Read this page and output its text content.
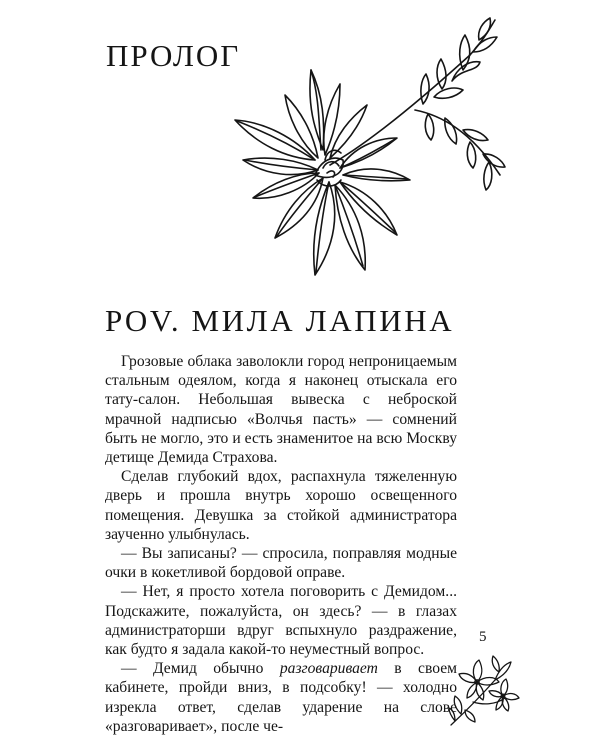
ПРОЛОГ
POV. МИЛА ЛАПИНА

Грозовые облака заволокли город непроницаемым стальным одеялом, когда я наконец отыскала его тату-салон. Небольшая вывеска с неброской мрачной надписью «Волчья пасть» — сомнений быть не могло, это и есть знаменитое на всю Москву детище Демида Страхова.

Сделав глубокий вдох, распахнула тяжеленную дверь и прошла внутрь хорошо освещенного помещения. Девушка за стойкой администратора заученно улыбнулась.

— Вы записаны? — спросила, поправляя модные очки в кокетливой бордовой оправе.

— Нет, я просто хотела поговорить с Демидом... Подскажите, пожалуйста, он здесь? — в глазах администраторши вдруг вспыхнуло раздражение, как будто я задала какой-то неуместный вопрос.

— Демид обычно разговаривает в своем кабинете, пройди вниз, в подсобку! — холодно изрекла ответ, сделав ударение на слове «разговаривает», после че-

5
